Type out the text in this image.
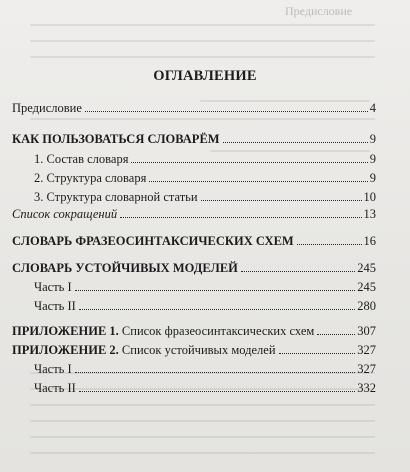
Предисловие
ОГЛАВЛЕНИЕ
Предисловие	4
КАК ПОЛЬЗОВАТЬСЯ СЛОВАРЁМ	9
1. Состав словаря	9
2. Структура словаря	9
3. Структура словарной статьи	10
Список сокращений	13
СЛОВАРЬ ФРАЗЕОСИНТАКСИЧЕСКИХ СХЕМ	16
СЛОВАРЬ УСТОЙЧИВЫХ МОДЕЛЕЙ	245
Часть I	245
Часть II	280
ПРИЛОЖЕНИЕ 1. Список фразеосинтаксических схем	307
ПРИЛОЖЕНИЕ 2. Список устойчивых моделей	327
Часть I	327
Часть II	332
